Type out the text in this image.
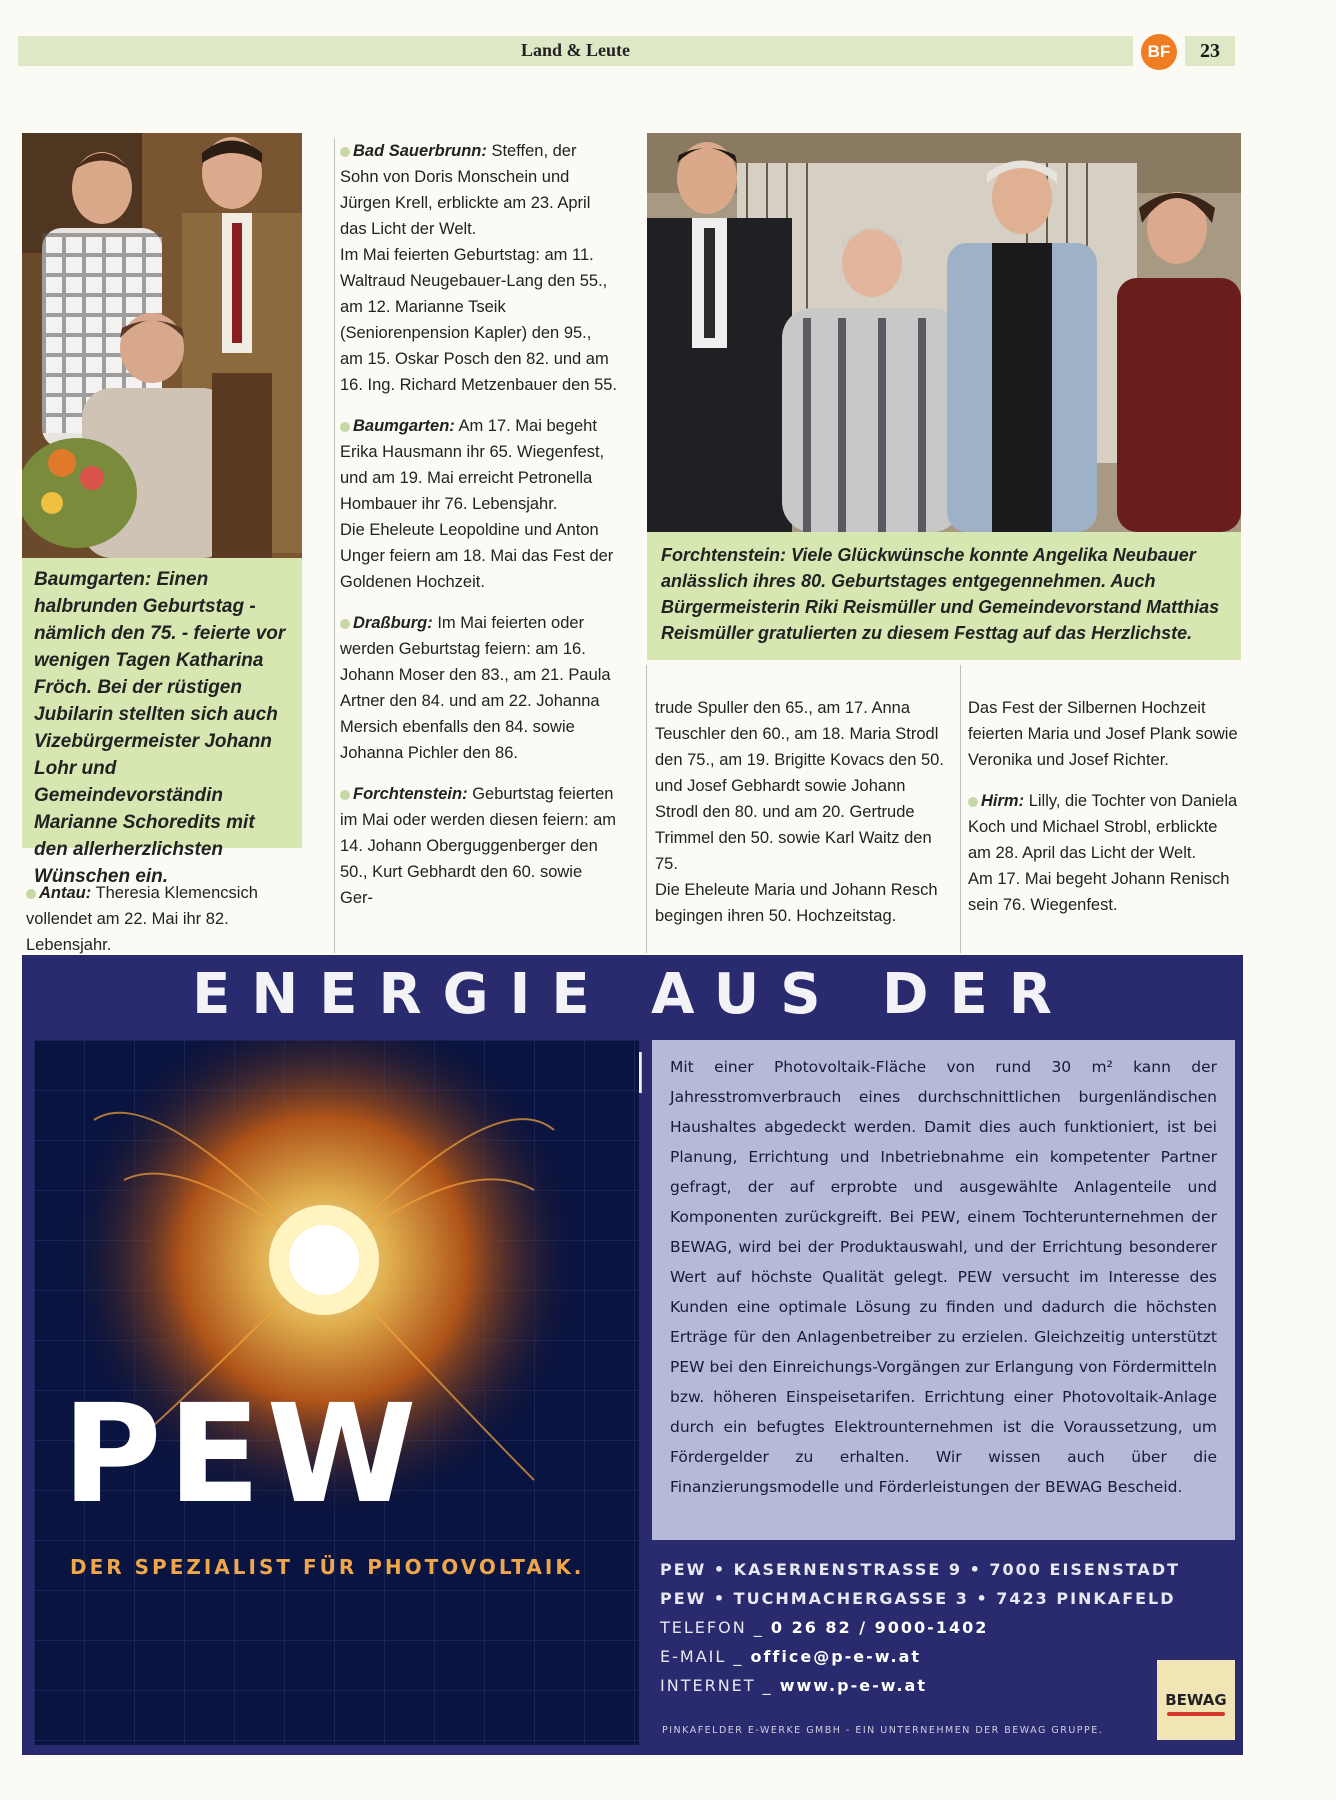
Land & Leute	BF	23
Baumgarten: Einen halbrunden Geburtstag - nämlich den 75. - feierte vor wenigen Tagen Katharina Fröch. Bei der rüstigen Jubilarin stellten sich auch Vizebürgermeister Johann Lohr und Gemeindevorständin Marianne Schoredits mit den allerherzlichsten Wünschen ein.
Forchtenstein: Viele Glückwünsche konnte Angelika Neubauer anlässlich ihres 80. Geburtstages entgegennehmen. Auch Bürgermeisterin Riki Reismüller und Gemeindevorstand Matthias Reismüller gratulierten zu diesem Festtag auf das Herzlichste.

Antau: Theresia Klemencsich vollendet am 22. Mai ihr 82. Lebensjahr.

Bad Sauerbrunn: Steffen, der Sohn von Doris Monschein und Jürgen Krell, erblickte am 23. April das Licht der Welt.
Im Mai feierten Geburtstag: am 11. Waltraud Neugebauer-Lang den 55., am 12. Marianne Tseik (Seniorenpension Kapler) den 95., am 15. Oskar Posch den 82. und am 16. Ing. Richard Metzenbauer den 55.

Baumgarten: Am 17. Mai begeht Erika Hausmann ihr 65. Wiegenfest, und am 19. Mai erreicht Petronella Hombauer ihr 76. Lebensjahr.
Die Eheleute Leopoldine und Anton Unger feiern am 18. Mai das Fest der Goldenen Hochzeit.

Draßburg: Im Mai feierten oder werden Geburtstag feiern: am 16. Johann Moser den 83., am 21. Paula Artner den 84. und am 22. Johanna Mersich ebenfalls den 84. sowie Johanna Pichler den 86.

Forchtenstein: Geburtstag feierten im Mai oder werden diesen feiern: am 14. Johann Oberguggenberger den 50., Kurt Gebhardt den 60. sowie Ger-

trude Spuller den 65., am 17. Anna Teuschler den 60., am 18. Maria Strodl den 75., am 19. Brigitte Kovacs den 50. und Josef Gebhardt sowie Johann Strodl den 80. und am 20. Gertrude Trimmel den 50. sowie Karl Waitz den 75.
Die Eheleute Maria und Johann Resch begingen ihren 50. Hochzeitstag.

Das Fest der Silbernen Hochzeit feierten Maria und Josef Plank sowie Veronika und Josef Richter.

Hirm: Lilly, die Tochter von Daniela Koch und Michael Strobl, erblickte am 28. April das Licht der Welt.
Am 17. Mai begeht Johann Renisch sein 76. Wiegenfest.

ENERGIE AUS DER
PEW
DER SPEZIALIST FÜR PHOTOVOLTAIK.
Mit einer Photovoltaik-Fläche von rund 30 m² kann der Jahresstromverbrauch eines durchschnittlichen burgenländischen Haushaltes abgedeckt werden. Damit dies auch funktioniert, ist bei Planung, Errichtung und Inbetriebnahme ein kompetenter Partner gefragt, der auf erprobte und ausgewählte Anlagenteile und Komponenten zurückgreift. Bei PEW, einem Tochterunternehmen der BEWAG, wird bei der Produktauswahl, und der Errichtung besonderer Wert auf höchste Qualität gelegt. PEW versucht im Interesse des Kunden eine optimale Lösung zu finden und dadurch die höchsten Erträge für den Anlagenbetreiber zu erzielen. Gleichzeitig unterstützt PEW bei den Einreichungs-Vorgängen zur Erlangung von Fördermitteln bzw. höheren Einspeisetarifen. Errichtung einer Photovoltaik-Anlage durch ein befugtes Elektrounternehmen ist die Voraussetzung, um Fördergelder zu erhalten. Wir wissen auch über die Finanzierungsmodelle und Förderleistungen der BEWAG Bescheid.
PEW • KASERNENSTRASSE 9 • 7000 EISENSTADT
PEW • TUCHMACHERGASSE 3 • 7423 PINKAFELD
TELEFON _ 0 26 82 / 9000-1402
E-MAIL _ office@p-e-w.at
INTERNET _ www.p-e-w.at
PINKAFELDER E-WERKE GMBH - EIN UNTERNEHMEN DER BEWAG GRUPPE.
BEWAG
